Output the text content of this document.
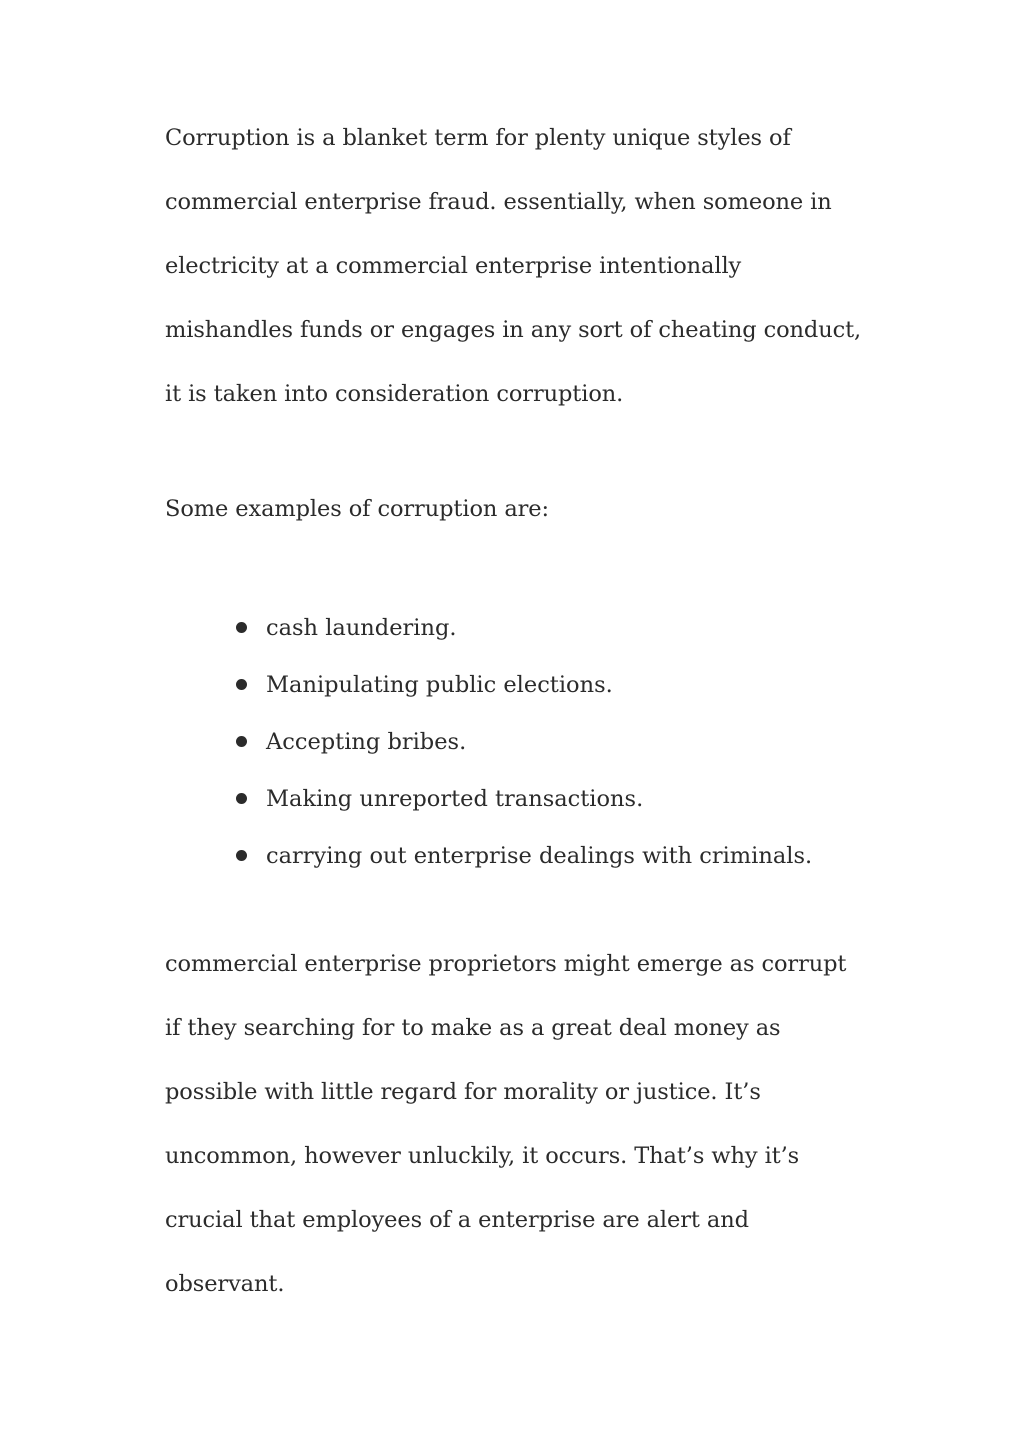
Corruption is a blanket term for plenty unique styles of
commercial enterprise fraud. essentially, when someone in
electricity at a commercial enterprise intentionally
mishandles funds or engages in any sort of cheating conduct,
it is taken into consideration corruption.

Some examples of corruption are:

cash laundering.
Manipulating public elections.
Accepting bribes.
Making unreported transactions.
carrying out enterprise dealings with criminals.

commercial enterprise proprietors might emerge as corrupt
if they searching for to make as a great deal money as
possible with little regard for morality or justice. It’s
uncommon, however unluckily, it occurs. That’s why it’s
crucial that employees of a enterprise are alert and
observant.
